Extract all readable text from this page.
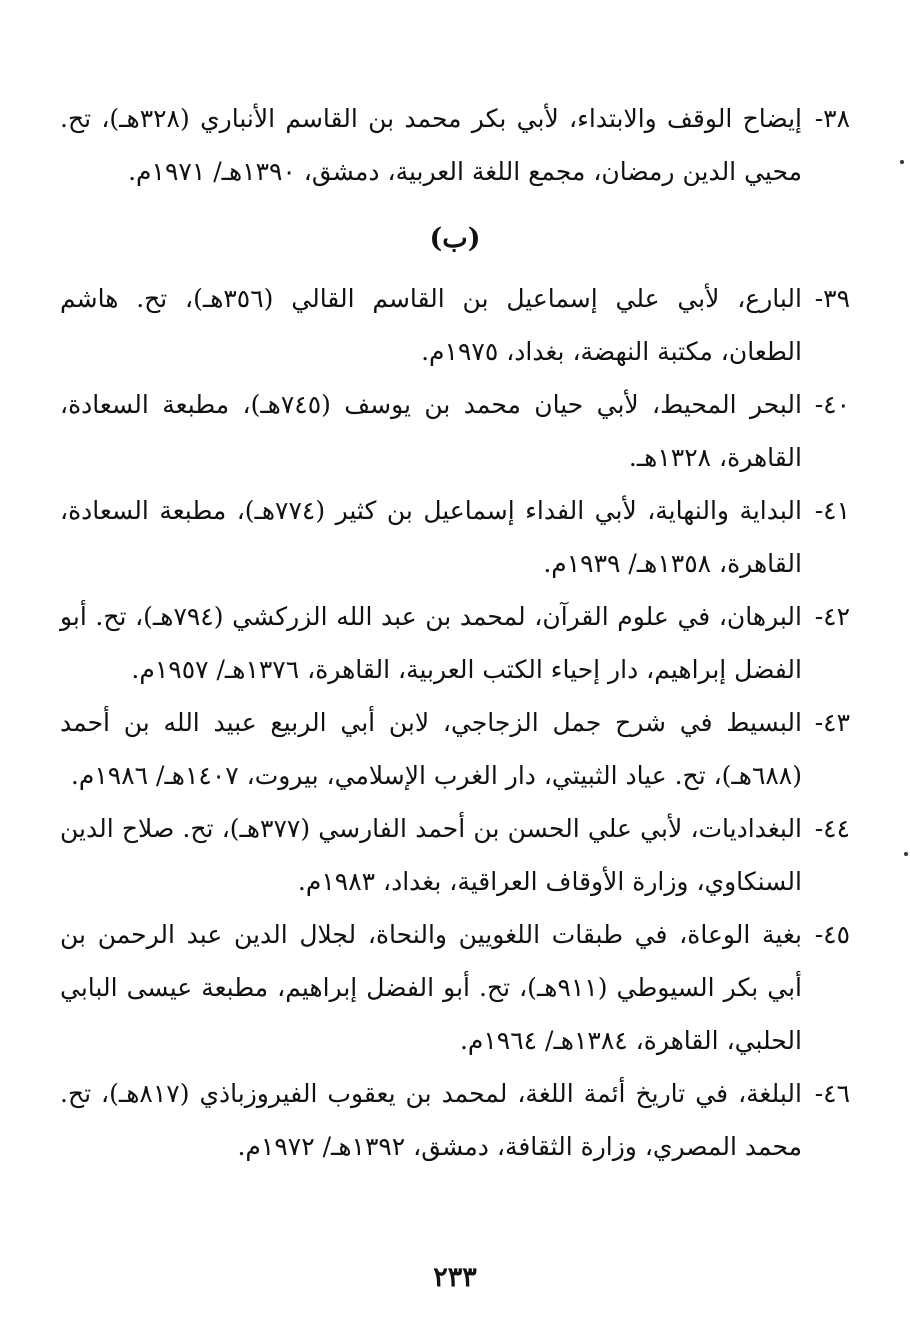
٣٨-
إيضاح الوقف والابتداء، لأبي بكر محمد بن القاسم الأنباري (٣٢٨هـ)، تح. محيي الدين رمضان، مجمع اللغة العربية، دمشق، ١٣٩٠هـ/ ١٩٧١م.

(ب)

٣٩-
البارع، لأبي علي إسماعيل بن القاسم القالي (٣٥٦هـ)، تح. هاشم الطعان، مكتبة النهضة، بغداد، ١٩٧٥م.

٤٠-
البحر المحيط، لأبي حيان محمد بن يوسف (٧٤٥هـ)، مطبعة السعادة، القاهرة، ١٣٢٨هـ.

٤١-
البداية والنهاية، لأبي الفداء إسماعيل بن كثير (٧٧٤هـ)، مطبعة السعادة، القاهرة، ١٣٥٨هـ/ ١٩٣٩م.

٤٢-
البرهان، في علوم القرآن، لمحمد بن عبد الله الزركشي (٧٩٤هـ)، تح. أبو الفضل إبراهيم، دار إحياء الكتب العربية، القاهرة، ١٣٧٦هـ/ ١٩٥٧م.

٤٣-
البسيط في شرح جمل الزجاجي، لابن أبي الربيع عبيد الله بن أحمد (٦٨٨هـ)، تح. عياد الثبيتي، دار الغرب الإسلامي، بيروت، ١٤٠٧هـ/ ١٩٨٦م.

٤٤-
البغداديات، لأبي علي الحسن بن أحمد الفارسي (٣٧٧هـ)، تح. صلاح الدين السنكاوي، وزارة الأوقاف العراقية، بغداد، ١٩٨٣م.

٤٥-
بغية الوعاة، في طبقات اللغويين والنحاة، لجلال الدين عبد الرحمن بن أبي بكر السيوطي (٩١١هـ)، تح. أبو الفضل إبراهيم، مطبعة عيسى البابي الحلبي، القاهرة، ١٣٨٤هـ/ ١٩٦٤م.

٤٦-
البلغة، في تاريخ أئمة اللغة، لمحمد بن يعقوب الفيروزباذي (٨١٧هـ)، تح. محمد المصري، وزارة الثقافة، دمشق، ١٣٩٢هـ/ ١٩٧٢م.

٢٣٣
